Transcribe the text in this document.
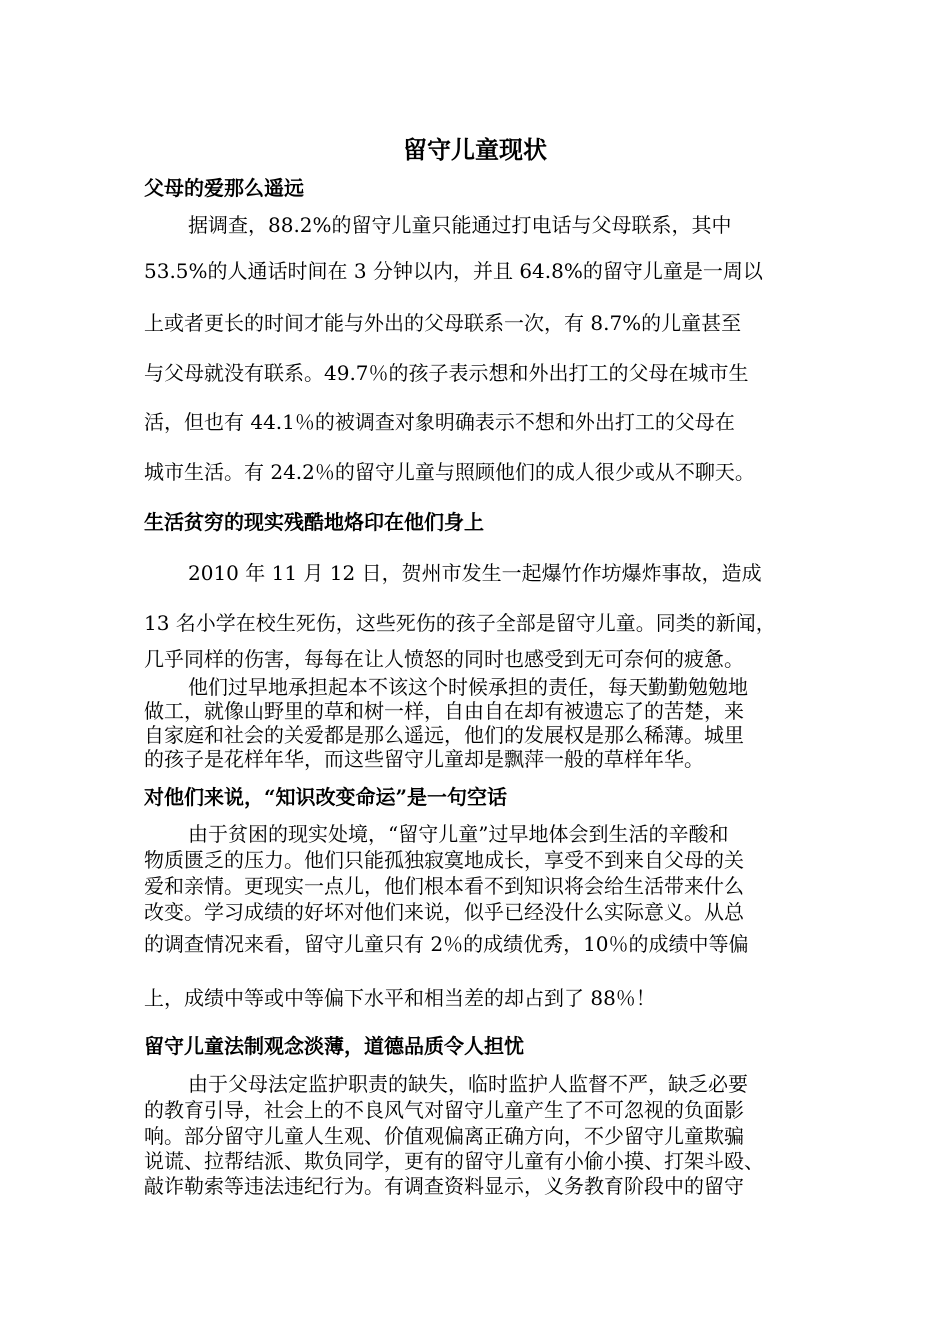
留守儿童现状
父母的爱那么遥远
据调查，88.2%的留守儿童只能通过打电话与父母联系，其中
53.5%的人通话时间在 3 分钟以内，并且 64.8%的留守儿童是一周以
上或者更长的时间才能与外出的父母联系一次，有 8.7%的儿童甚至
与父母就没有联系。49.7％的孩子表示想和外出打工的父母在城市生
活，但也有 44.1％的被调查对象明确表示不想和外出打工的父母在
城市生活。有 24.2％的留守儿童与照顾他们的成人很少或从不聊天。
生活贫穷的现实残酷地烙印在他们身上
2010 年 11 月 12 日，贺州市发生一起爆竹作坊爆炸事故，造成
13 名小学在校生死伤，这些死伤的孩子全部是留守儿童。同类的新闻，
几乎同样的伤害，每每在让人愤怒的同时也感受到无可奈何的疲惫。
他们过早地承担起本不该这个时候承担的责任，每天勤勤勉勉地
做工，就像山野里的草和树一样，自由自在却有被遗忘了的苦楚，来
自家庭和社会的关爱都是那么遥远，他们的发展权是那么稀薄。城里
的孩子是花样年华，而这些留守儿童却是飘萍一般的草样年华。
对他们来说，“知识改变命运”是一句空话
由于贫困的现实处境，“留守儿童”过早地体会到生活的辛酸和
物质匮乏的压力。他们只能孤独寂寞地成长，享受不到来自父母的关
爱和亲情。更现实一点儿，他们根本看不到知识将会给生活带来什么
改变。学习成绩的好坏对他们来说，似乎已经没什么实际意义。从总
的调查情况来看，留守儿童只有 2％的成绩优秀，10％的成绩中等偏
上，成绩中等或中等偏下水平和相当差的却占到了 88％！
留守儿童法制观念淡薄，道德品质令人担忧
由于父母法定监护职责的缺失，临时监护人监督不严，缺乏必要
的教育引导，社会上的不良风气对留守儿童产生了不可忽视的负面影
响。部分留守儿童人生观、价值观偏离正确方向，不少留守儿童欺骗
说谎、拉帮结派、欺负同学，更有的留守儿童有小偷小摸、打架斗殴、
敲诈勒索等违法违纪行为。有调查资料显示，义务教育阶段中的留守
